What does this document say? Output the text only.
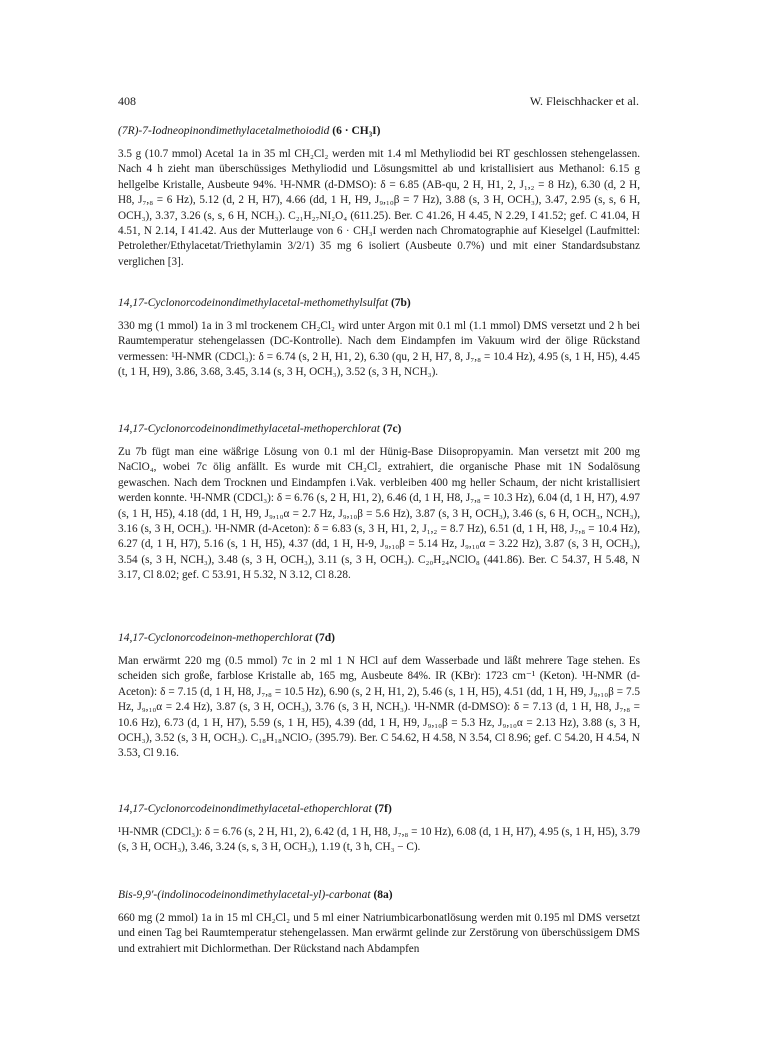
408	W. Fleischhacker et al.

(7R)-7-Iodneopinondimethylacetalmethoiodid (6 · CH₃I)

3.5 g (10.7 mmol) Acetal 1a in 35 ml CH₂Cl₂ werden mit 1.4 ml Methyliodid bei RT geschlossen stehengelassen. Nach 4 h zieht man überschüssiges Methyliodid und Lösungsmittel ab und kristallisiert aus Methanol: 6.15 g hellgelbe Kristalle, Ausbeute 94%. ¹H-NMR (d-DMSO): δ = 6.85 (AB-qu, 2 H, H1, 2, J₁,₂ = 8 Hz), 6.30 (d, 2 H, H8, J₇,₈ = 6 Hz), 5.12 (d, 2 H, H7), 4.66 (dd, 1 H, H9, J₉,₁₀β = 7 Hz), 3.88 (s, 3 H, OCH₃), 3.47, 2.95 (s, s, 6 H, OCH₃), 3.37, 3.26 (s, s, 6 H, NCH₃). C₂₁H₂₇NI₂O₄ (611.25). Ber. C 41.26, H 4.45, N 2.29, I 41.52; gef. C 41.04, H 4.51, N 2.14, I 41.42. Aus der Mutterlauge von 6 · CH₃I werden nach Chromatographie auf Kieselgel (Laufmittel: Petrolether/Ethylacetat/Triethylamin 3/2/1) 35 mg 6 isoliert (Ausbeute 0.7%) und mit einer Standardsubstanz verglichen [3].

14,17-Cyclonorcodeinondimethylacetal-methomethylsulfat (7b)

330 mg (1 mmol) 1a in 3 ml trockenem CH₂Cl₂ wird unter Argon mit 0.1 ml (1.1 mmol) DMS versetzt und 2 h bei Raumtemperatur stehengelassen (DC-Kontrolle). Nach dem Eindampfen im Vakuum wird der ölige Rückstand vermessen: ¹H-NMR (CDCl₃): δ = 6.74 (s, 2 H, H1, 2), 6.30 (qu, 2 H, H7, 8, J₇,₈ = 10.4 Hz), 4.95 (s, 1 H, H5), 4.45 (t, 1 H, H9), 3.86, 3.68, 3.45, 3.14 (s, 3 H, OCH₃), 3.52 (s, 3 H, NCH₃).

14,17-Cyclonorcodeinondimethylacetal-methoperchlorat (7c)

Zu 7b fügt man eine wäßrige Lösung von 0.1 ml der Hünig-Base Diisopropyamin. Man versetzt mit 200 mg NaClO₄, wobei 7c ölig anfällt. Es wurde mit CH₂Cl₂ extrahiert, die organische Phase mit 1N Sodalösung gewaschen. Nach dem Trocknen und Eindampfen i.Vak. verbleiben 400 mg heller Schaum, der nicht kristallisiert werden konnte. ¹H-NMR (CDCl₃): δ = 6.76 (s, 2 H, H1, 2), 6.46 (d, 1 H, H8, J₇,₈ = 10.3 Hz), 6.04 (d, 1 H, H7), 4.97 (s, 1 H, H5), 4.18 (dd, 1 H, H9, J₉,₁₀α = 2.7 Hz, J₉,₁₀β = 5.6 Hz), 3.87 (s, 3 H, OCH₃), 3.46 (s, 6 H, OCH₃, NCH₃), 3.16 (s, 3 H, OCH₃). ¹H-NMR (d-Aceton): δ = 6.83 (s, 3 H, H1, 2, J₁,₂ = 8.7 Hz), 6.51 (d, 1 H, H8, J₇,₈ = 10.4 Hz), 6.27 (d, 1 H, H7), 5.16 (s, 1 H, H5), 4.37 (dd, 1 H, H-9, J₉,₁₀β = 5.14 Hz, J₉,₁₀α = 3.22 Hz), 3.87 (s, 3 H, OCH₃), 3.54 (s, 3 H, NCH₃), 3.48 (s, 3 H, OCH₃), 3.11 (s, 3 H, OCH₃). C₂₀H₂₄NClO₈ (441.86). Ber. C 54.37, H 5.48, N 3.17, Cl 8.02; gef. C 53.91, H 5.32, N 3.12, Cl 8.28.

14,17-Cyclonorcodeinon-methoperchlorat (7d)

Man erwärmt 220 mg (0.5 mmol) 7c in 2 ml 1 N HCl auf dem Wasserbade und läßt mehrere Tage stehen. Es scheiden sich große, farblose Kristalle ab, 165 mg, Ausbeute 84%. IR (KBr): 1723 cm⁻¹ (Keton). ¹H-NMR (d-Aceton): δ = 7.15 (d, 1 H, H8, J₇,₈ = 10.5 Hz), 6.90 (s, 2 H, H1, 2), 5.46 (s, 1 H, H5), 4.51 (dd, 1 H, H9, J₉,₁₀β = 7.5 Hz, J₉,₁₀α = 2.4 Hz), 3.87 (s, 3 H, OCH₃), 3.76 (s, 3 H, NCH₃). ¹H-NMR (d-DMSO): δ = 7.13 (d, 1 H, H8, J₇,₈ = 10.6 Hz), 6.73 (d, 1 H, H7), 5.59 (s, 1 H, H5), 4.39 (dd, 1 H, H9, J₉,₁₀β = 5.3 Hz, J₉,₁₀α = 2.13 Hz), 3.88 (s, 3 H, OCH₃), 3.52 (s, 3 H, OCH₃). C₁₈H₁₈NClO₇ (395.79). Ber. C 54.62, H 4.58, N 3.54, Cl 8.96; gef. C 54.20, H 4.54, N 3.53, Cl 9.16.

14,17-Cyclonorcodeinondimethylacetal-ethoperchlorat (7f)

¹H-NMR (CDCl₃): δ = 6.76 (s, 2 H, H1, 2), 6.42 (d, 1 H, H8, J₇,₈ = 10 Hz), 6.08 (d, 1 H, H7), 4.95 (s, 1 H, H5), 3.79 (s, 3 H, OCH₃), 3.46, 3.24 (s, s, 3 H, OCH₃), 1.19 (t, 3 h, CH₃ − C).

Bis-9,9′-(indolinocodeinondimethylacetal-yl)-carbonat (8a)

660 mg (2 mmol) 1a in 15 ml CH₂Cl₂ und 5 ml einer Natriumbicarbonatlösung werden mit 0.195 ml DMS versetzt und einen Tag bei Raumtemperatur stehengelassen. Man erwärmt gelinde zur Zerstörung von überschüssigem DMS und extrahiert mit Dichlormethan. Der Rückstand nach Abdampfen
